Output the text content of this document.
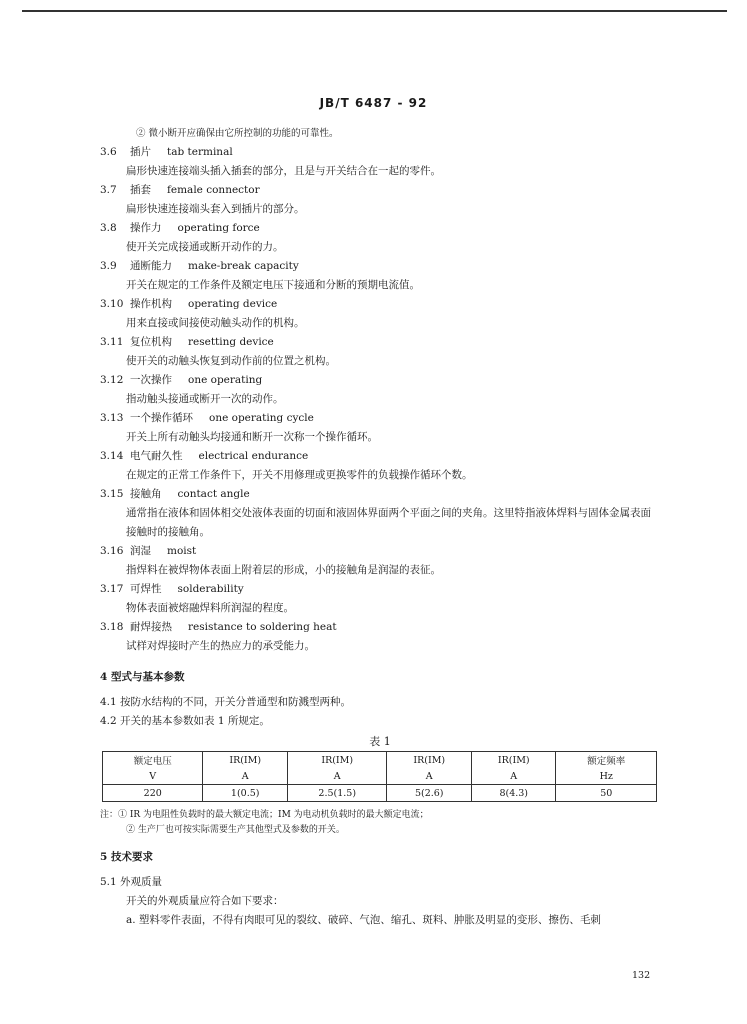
JB/T 6487 - 92
② 微小断开应确保由它所控制的功能的可靠性。
3.6 插片 tab terminal
扁形快速连接端头插入插套的部分，且是与开关结合在一起的零件。
3.7 插套 female connector
扁形快速连接端头套入到插片的部分。
3.8 操作力 operating force
使开关完成接通或断开动作的力。
3.9 通断能力 make-break capacity
开关在规定的工作条件及额定电压下接通和分断的预期电流值。
3.10 操作机构 operating device
用来直接或间接使动触头动作的机构。
3.11 复位机构 resetting device
使开关的动触头恢复到动作前的位置之机构。
3.12 一次操作 one operating
指动触头接通或断开一次的动作。
3.13 一个操作循环 one operating cycle
开关上所有动触头均接通和断开一次称一个操作循环。
3.14 电气耐久性 electrical endurance
在规定的正常工作条件下，开关不用修理或更换零件的负载操作循环个数。
3.15 接触角 contact angle
通常指在液体和固体相交处液体表面的切面和液固体界面两个平面之间的夹角。这里特指液体焊料与固体金属表面接触时的接触角。
3.16 润湿 moist
指焊料在被焊物体表面上附着层的形成，小的接触角是润湿的表征。
3.17 可焊性 solderability
物体表面被熔融焊料所润湿的程度。
3.18 耐焊接热 resistance to soldering heat
试样对焊接时产生的热应力的承受能力。
4 型式与基本参数
4.1 按防水结构的不同，开关分普通型和防溅型两种。
4.2 开关的基本参数如表 1 所规定。
表 1
额定电压	IR(IM)	IR(IM)	IR(IM)	IR(IM)	额定频率
V	A	A	A	A	Hz
220	1(0.5)	2.5(1.5)	5(2.6)	8(4.3)	50
注：① IR 为电阻性负载时的最大额定电流；IM 为电动机负载时的最大额定电流；
② 生产厂也可按实际需要生产其他型式及参数的开关。
5 技术要求
5.1 外观质量
开关的外观质量应符合如下要求：
a. 塑料零件表面，不得有肉眼可见的裂纹、破碎、气泡、缩孔、斑料、肿胀及明显的变形、擦伤、毛刺
132
